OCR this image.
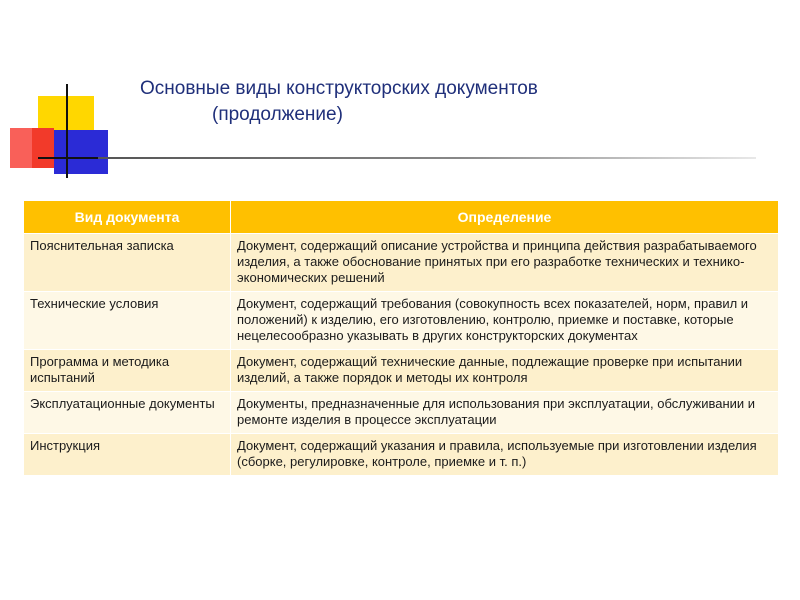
Основные виды конструкторских документов
(продолжение)
Вид документа	Определение
Пояснительная записка	Документ, содержащий описание устройства и принципа действия разрабатываемого изделия, а также обоснование принятых при его разработке технических и технико-экономических решений
Технические условия	Документ, содержащий требования (совокупность всех показателей, норм, правил и положений) к изделию, его изготовлению, контролю, приемке и поставке, которые нецелесообразно указывать в других конструкторских документах
Программа и методика испытаний	Документ, содержащий технические данные, подлежащие проверке при испытании изделий, а также порядок и методы их контроля
Эксплуатационные документы	Документы, предназначенные для использования при эксплуатации, обслуживании и ремонте изделия в процессе эксплуатации
Инструкция	Документ, содержащий указания и правила, используемые при изготовлении изделия (сборке, регулировке, контроле, приемке и т. п.)
